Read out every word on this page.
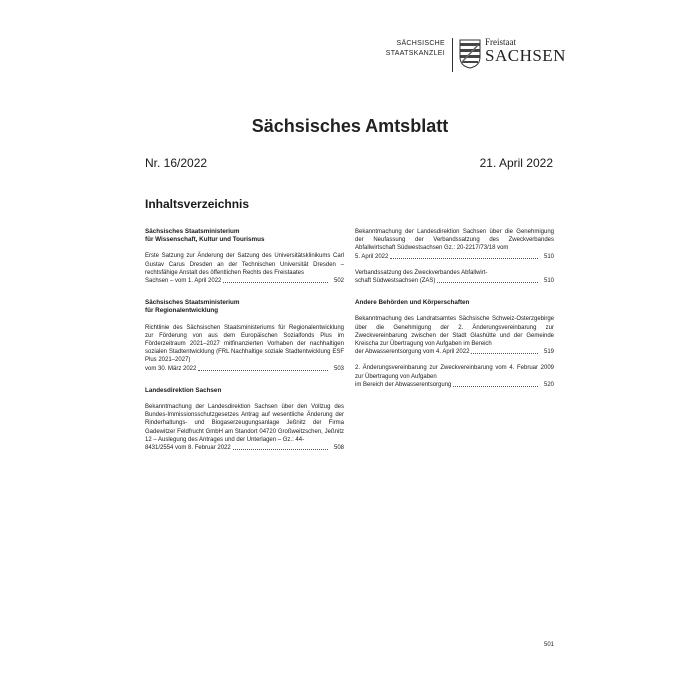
SÄCHSISCHE
STAATSKANZLEI
Freistaat
SACHSEN
Sächsisches Amtsblatt
Nr. 16/2022	21. April 2022
Inhaltsverzeichnis

Sächsisches Staatsministerium

für Wissenschaft, Kultur und Tourismus

Erste Satzung zur Änderung der Satzung des Universitätsklinikums Carl Gustav Carus Dresden an der Technischen Universität Dresden – rechtsfähige Anstalt des öffentlichen Rechts des Freistaates
Sachsen – vom 1. April 2022	502

Sächsisches Staatsministerium

für Regionalentwicklung

Richtlinie des Sächsischen Staatsministeriums für Regionalentwicklung zur Förderung von aus dem Europäischen Sozialfonds Plus im Förderzeitraum 2021–2027 mitfinanzierten Vorhaben der nachhaltigen sozialen Stadtentwicklung (FRL Nachhaltige soziale Stadtentwicklung ESF Plus 2021–2027)
vom 30. März 2022	503

Landesdirektion Sachsen

Bekanntmachung der Landesdirektion Sachsen über den Vollzug des Bundes-Immissionsschutzgesetzes Antrag auf wesentliche Änderung der Rinderhaltungs- und Biogaserzeugungsanlage Jeßnitz der Firma Gadewitzer Feldfrucht GmbH am Standort 04720 Großweitzschen, Jeßnitz 12 – Auslegung des Antrages und der Unterlagen – Gz.: 44-
8431/2554 vom 8. Februar 2022	508
Bekanntmachung der Landesdirektion Sachsen über die Genehmigung der Neufassung der Verbandssatzung des Zweckverbandes Abfallwirtschaft Südwestsachsen Gz.: 20-2217/73/18 vom
5. April 2022	510
Verbandssatzung des Zweckverbandes Abfallwirt-
schaft Südwestsachsen (ZAS)	510

Andere Behörden und Körperschaften

Bekanntmachung des Landratsamtes Sächsische Schweiz-Osterzgebirge über die Genehmigung der 2. Änderungsvereinbarung zur Zweckvereinbarung zwischen der Stadt Glashütte und der Gemeinde Kreischa zur Übertragung von Aufgaben im Bereich
der Abwasserentsorgung vom 4. April 2022	519
2. Änderungsvereinbarung zur Zweckvereinbarung vom 4. Februar 2009 zur Übertragung von Aufgaben
im Bereich der Abwasserentsorgung	520
501
